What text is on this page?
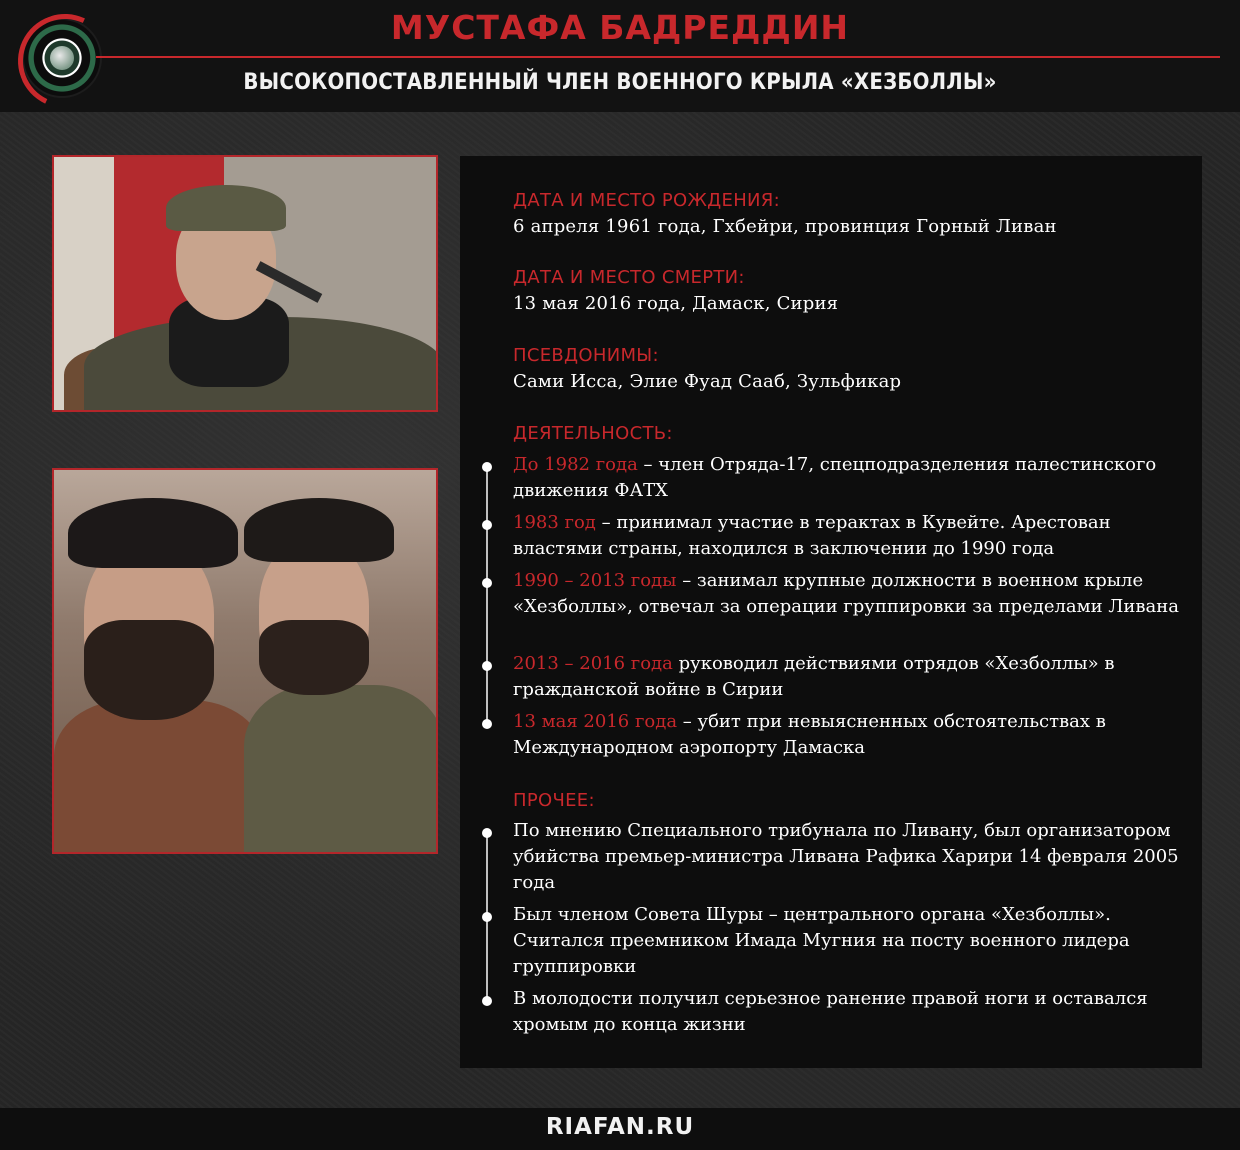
МУСТАФА БАДРЕДДИН
ВЫСОКОПОСТАВЛЕННЫЙ ЧЛЕН ВОЕННОГО КРЫЛА «ХЕЗБОЛЛЫ»
ДАТА И МЕСТО РОЖДЕНИЯ:
6 апреля 1961 года, Гхбейри, провинция Горный Ливан
ДАТА И МЕСТО СМЕРТИ:
13 мая 2016 года, Дамаск, Сирия
ПСЕВДОНИМЫ:
Сами Исса, Элие Фуад Сааб, Зульфикар
ДЕЯТЕЛЬНОСТЬ:
До 1982 года – член Отряда-17, спецподразделения палестинского движения ФАТХ
1983 год – принимал участие в терактах в Кувейте. Арестован властями страны, находился в заключении до 1990 года
1990 – 2013 годы – занимал крупные должности в военном крыле «Хезболлы», отвечал за операции группировки за пределами Ливана
2013 – 2016 года руководил действиями отрядов «Хезболлы» в гражданской войне в Сирии
13 мая 2016 года – убит при невыясненных обстоятельствах в Международном аэропорту Дамаска
ПРОЧЕЕ:
По мнению Специального трибунала по Ливану, был организатором убийства премьер-министра Ливана Рафика Харири 14 февраля 2005 года
Был членом Совета Шуры – центрального органа «Хезболлы». Считался преемником Имада Мугния на посту военного лидера группировки
В молодости получил серьезное ранение правой ноги и оставался хромым до конца жизни
RIAFAN.RU
